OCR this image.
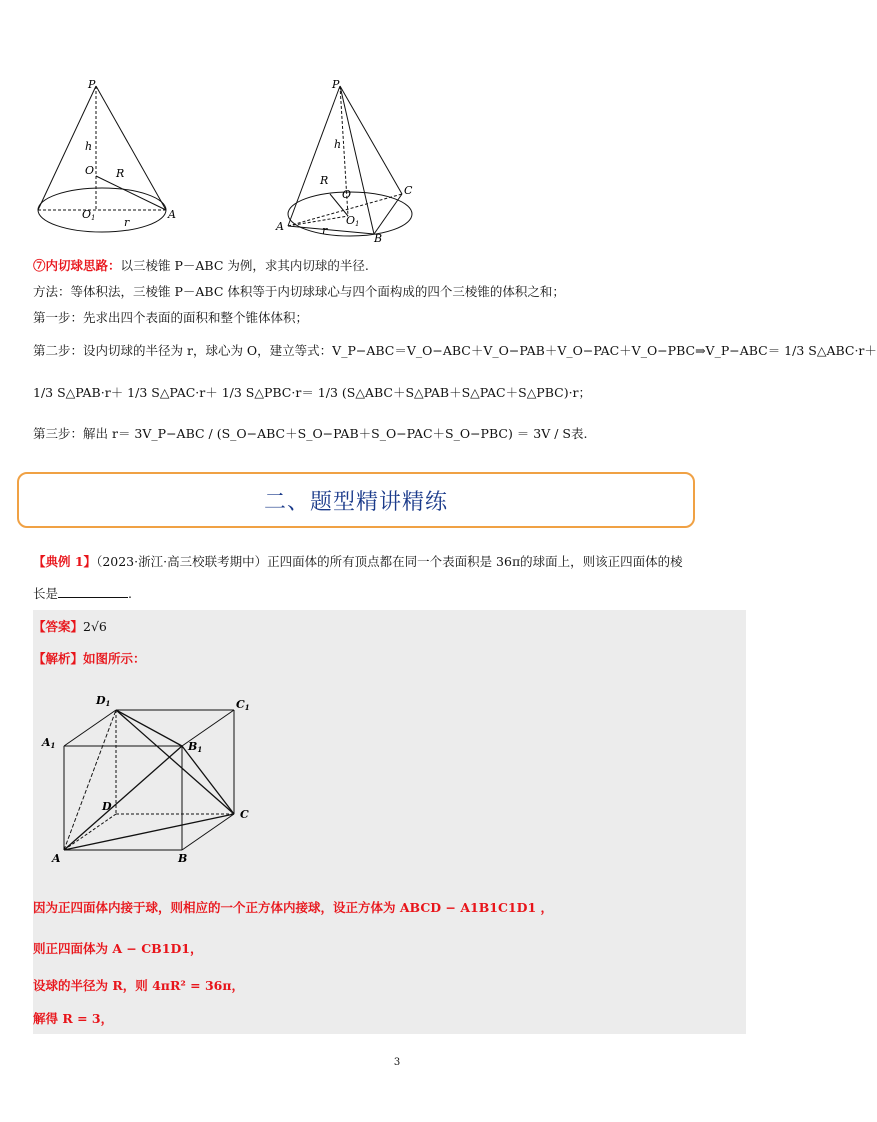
P
h
O R
O1	A
r
P
h
R
C
O
O1
A	r
B
⑦内切球思路：以三棱锥 P－ABC 为例，求其内切球的半径.
方法：等体积法，三棱锥 P－ABC 体积等于内切球球心与四个面构成的四个三棱锥的体积之和；
第一步：先求出四个表面的面积和整个锥体体积；
第二步：设内切球的半径为 r，球心为 O，建立等式：V_P−ABC＝V_O−ABC＋V_O−PAB＋V_O−PAC＋V_O−PBC⇒V_P−ABC＝ 1/3 S△ABC·r＋
1/3 S△PAB·r＋ 1/3 S△PAC·r＋ 1/3 S△PBC·r＝ 1/3 (S△ABC＋S△PAB＋S△PAC＋S△PBC)·r；
第三步：解出 r＝ 3V_P−ABC / (S_O−ABC＋S_O−PAB＋S_O−PAC＋S_O−PBC) ＝ 3V / S表.
二、题型精讲精练
【典例 1】（2023·浙江·高三校联考期中）正四面体的所有顶点都在同一个表面积是 36π的球面上，则该正四面体的棱
长是	.
【答案】2√6
【解析】如图所示：
D1	C1
A1	B1
D
C
A	B
因为正四面体内接于球，则相应的一个正方体内接球，设正方体为 ABCD − A1B1C1D1 ，
则正四面体为 A − CB1D1，
设球的半径为 R，则 4πR² = 36π，
解得 R = 3，
3
